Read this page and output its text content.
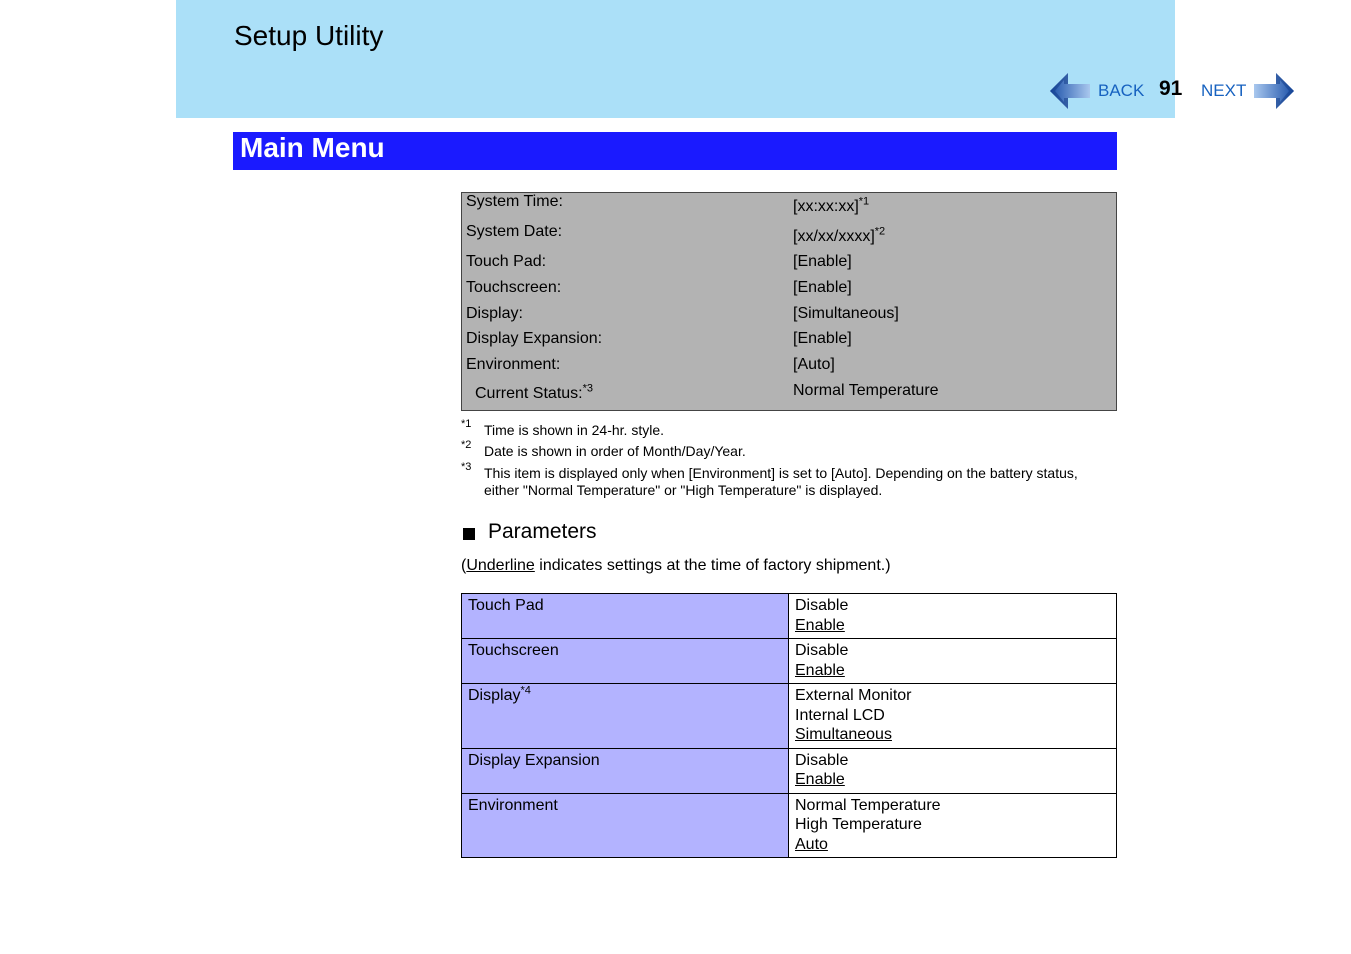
Setup Utility
BACK 91 NEXT
Main Menu
System Time:	[xx:xx:xx]$^{*1}$
System Date:	[xx/xx/xxxx]$^{*2}$
Touch Pad:	[Enable]
Touchscreen:	[Enable]
Display:	[Simultaneous]
Display Expansion:	[Enable]
Environment:	[Auto]
Current Status:$^{*3}$	Normal Temperature
*1 Time is shown in 24-hr. style.
*2 Date is shown in order of Month/Day/Year.
*3 This item is displayed only when [Environment] is set to [Auto]. Depending on the battery status, either "Normal Temperature" or "High Temperature" is displayed.
Parameters
(Underline indicates settings at the time of factory shipment.)
Touch Pad	Disable
Enable

Touchscreen	Disable
Enable

Display$^{*4}$	External Monitor
Internal LCD
Simultaneous

Display Expansion	Disable
Enable

Environment	Normal Temperature
High Temperature
Auto
